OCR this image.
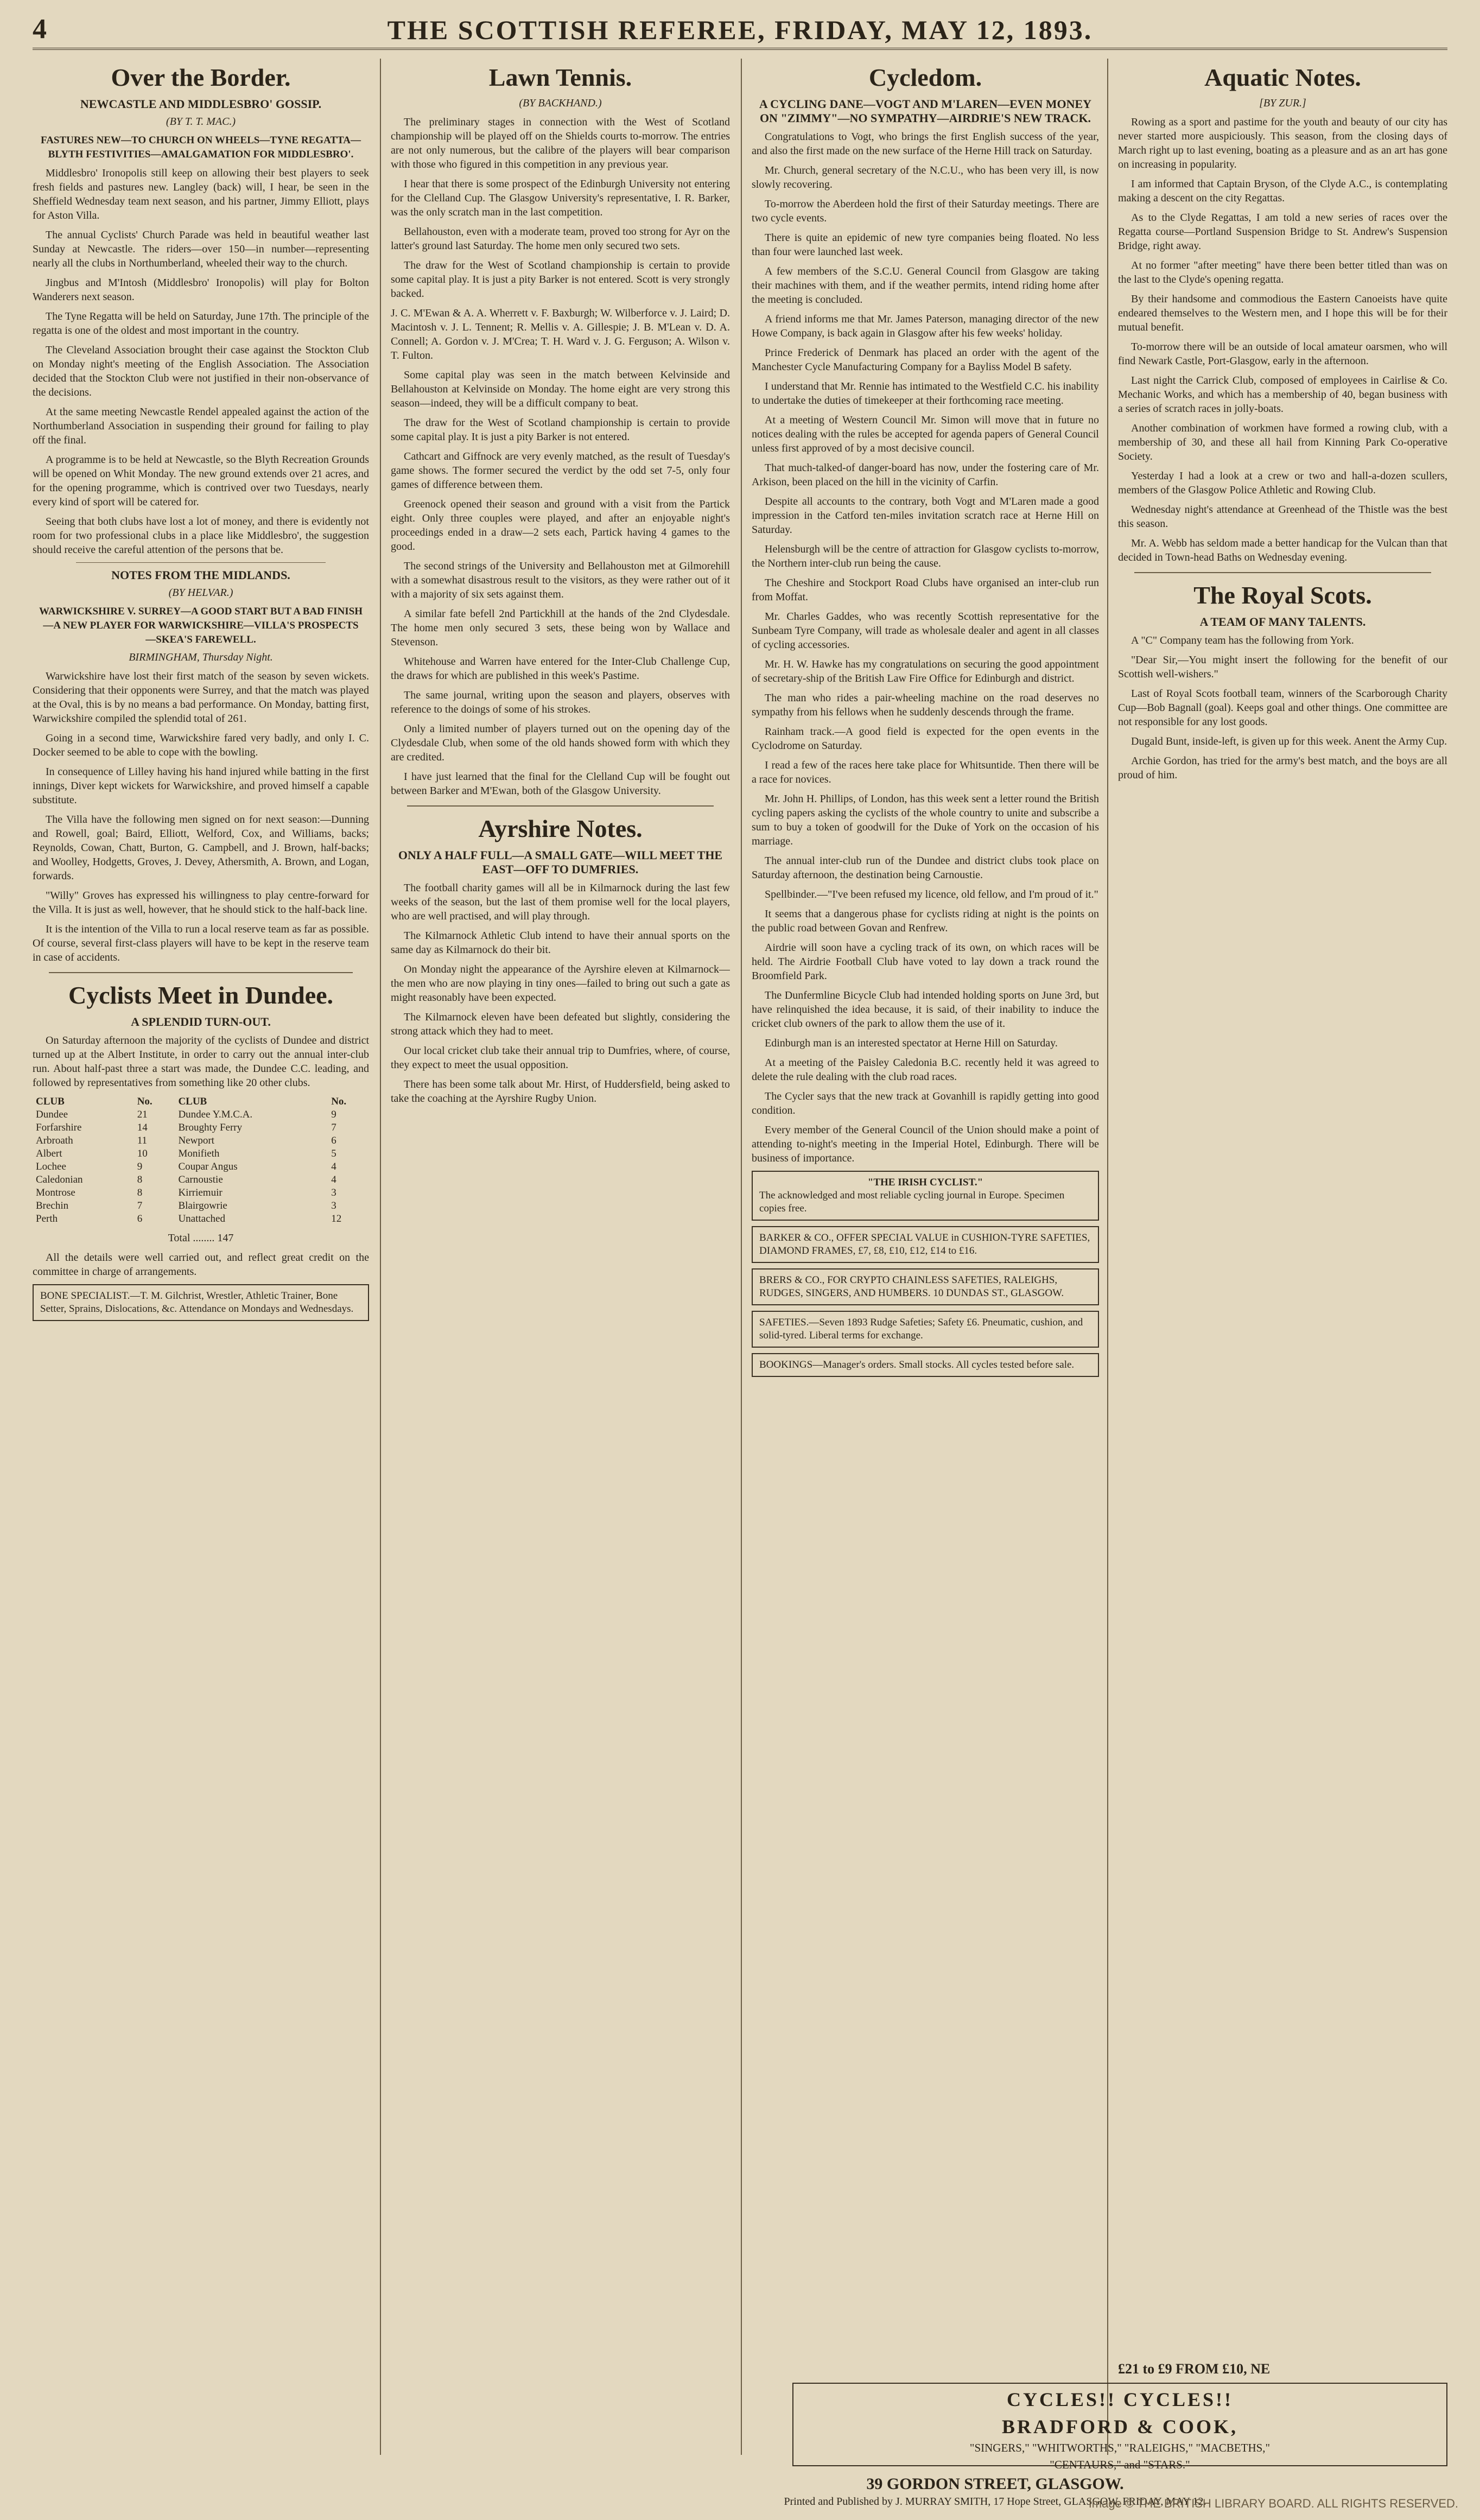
4	THE SCOTTISH REFEREE, FRIDAY, MAY 12, 1893.
Over the Border.
NEWCASTLE AND MIDDLESBRO' GOSSIP.
(BY T. T. MAC.)
FASTURES NEW—TO CHURCH ON WHEELS—TYNE REGATTA—BLYTH FESTIVITIES—AMALGAMATION FOR MIDDLESBRO'.

Middlesbro' Ironopolis still keep on allowing their best players to seek fresh fields and pastures new. Langley (back) will, I hear, be seen in the Sheffield Wednesday team next season, and his partner, Jimmy Elliott, plays for Aston Villa.

The annual Cyclists' Church Parade was held in beautiful weather last Sunday at Newcastle. The riders—over 150—in number—representing nearly all the clubs in Northumberland, wheeled their way to the church.

Jingbus and M'Intosh (Middlesbro' Ironopolis) will play for Bolton Wanderers next season.

The Tyne Regatta will be held on Saturday, June 17th. The principle of the regatta is one of the oldest and most important in the country.

The Cleveland Association brought their case against the Stockton Club on Monday night's meeting of the English Association. The Association decided that the Stockton Club were not justified in their non-observance of the decisions.

At the same meeting Newcastle Rendel appealed against the action of the Northumberland Association in suspending their ground for failing to play off the final.

A programme is to be held at Newcastle, so the Blyth Recreation Grounds will be opened on Whit Monday. The new ground extends over 21 acres, and for the opening programme, which is contrived over two Tuesdays, nearly every kind of sport will be catered for.

Seeing that both clubs have lost a lot of money, and there is evidently not room for two professional clubs in a place like Middlesbro', the suggestion should receive the careful attention of the persons that be.

NOTES FROM THE MIDLANDS.
(BY HELVAR.)
WARWICKSHIRE V. SURREY—A GOOD START BUT A BAD FINISH—A NEW PLAYER FOR WARWICKSHIRE—VILLA'S PROSPECTS—SKEA'S FAREWELL.
BIRMINGHAM, Thursday Night.

Warwickshire have lost their first match of the season by seven wickets. Considering that their opponents were Surrey, and that the match was played at the Oval, this is by no means a bad performance. On Monday, batting first, Warwickshire compiled the splendid total of 261.

Going in a second time, Warwickshire fared very badly, and only I. C. Docker seemed to be able to cope with the bowling.

In consequence of Lilley having his hand injured while batting in the first innings, Diver kept wickets for Warwickshire, and proved himself a capable substitute.

The Villa have the following men signed on for next season:—Dunning and Rowell, goal; Baird, Elliott, Welford, Cox, and Williams, backs; Reynolds, Cowan, Chatt, Burton, G. Campbell, and J. Brown, half-backs; and Woolley, Hodgetts, Groves, J. Devey, Athersmith, A. Brown, and Logan, forwards.

"Willy" Groves has expressed his willingness to play centre-forward for the Villa. It is just as well, however, that he should stick to the half-back line.

It is the intention of the Villa to run a local reserve team as far as possible. Of course, several first-class players will have to be kept in the reserve team in case of accidents.

Cyclists Meet in Dundee.
A SPLENDID TURN-OUT.

On Saturday afternoon the majority of the cyclists of Dundee and district turned up at the Albert Institute, in order to carry out the annual inter-club run. About half-past three a start was made, the Dundee C.C. leading, and followed by representatives from something like 20 other clubs.

CLUB	No.	CLUB	No.
Dundee	21	Dundee Y.M.C.A.	9
Forfarshire	14	Broughty Ferry	7
Arbroath	11	Newport	6
Albert	10	Monifieth	5
Lochee	9	Coupar Angus	4
Caledonian	8	Carnoustie	4
Montrose	8	Kirriemuir	3
Brechin	7	Blairgowrie	3
Perth	6	Unattached	12

Total ........ 147

All the details were well carried out, and reflect great credit on the committee in charge of arrangements.

BONE SPECIALIST.—T. M. Gilchrist, Wrestler, Athletic Trainer, Bone Setter, Sprains, Dislocations, &c. Attendance on Mondays and Wednesdays.
Lawn Tennis.
(BY BACKHAND.)

The preliminary stages in connection with the West of Scotland championship will be played off on the Shields courts to-morrow. The entries are not only numerous, but the calibre of the players will bear comparison with those who figured in this competition in any previous year.

I hear that there is some prospect of the Edinburgh University not entering for the Clelland Cup. The Glasgow University's representative, I. R. Barker, was the only scratch man in the last competition.

Bellahouston, even with a moderate team, proved too strong for Ayr on the latter's ground last Saturday. The home men only secured two sets.

The draw for the West of Scotland championship is certain to provide some capital play. It is just a pity Barker is not entered. Scott is very strongly backed.

J. C. M'Ewan & A. A. Wherrett v. F. Baxburgh; W. Wilberforce v. J. Laird; D. Macintosh v. J. L. Tennent; R. Mellis v. A. Gillespie; J. B. M'Lean v. D. A. Connell; A. Gordon v. J. M'Crea; T. H. Ward v. J. G. Ferguson; A. Wilson v. T. Fulton.

Some capital play was seen in the match between Kelvinside and Bellahouston at Kelvinside on Monday. The home eight are very strong this season—indeed, they will be a difficult company to beat.

The draw for the West of Scotland championship is certain to provide some capital play. It is just a pity Barker is not entered.

Cathcart and Giffnock are very evenly matched, as the result of Tuesday's game shows. The former secured the verdict by the odd set 7-5, only four games of difference between them.

Greenock opened their season and ground with a visit from the Partick eight. Only three couples were played, and after an enjoyable night's proceedings ended in a draw—2 sets each, Partick having 4 games to the good.

The second strings of the University and Bellahouston met at Gilmorehill with a somewhat disastrous result to the visitors, as they were rather out of it with a majority of six sets against them.

A similar fate befell 2nd Partickhill at the hands of the 2nd Clydesdale. The home men only secured 3 sets, these being won by Wallace and Stevenson.

Whitehouse and Warren have entered for the Inter-Club Challenge Cup, the draws for which are published in this week's Pastime.

The same journal, writing upon the season and players, observes with reference to the doings of some of his strokes.

Only a limited number of players turned out on the opening day of the Clydesdale Club, when some of the old hands showed form with which they are credited.

I have just learned that the final for the Clelland Cup will be fought out between Barker and M'Ewan, both of the Glasgow University.

Ayrshire Notes.
ONLY A HALF FULL—A SMALL GATE—WILL MEET THE EAST—OFF TO DUMFRIES.

The football charity games will all be in Kilmarnock during the last few weeks of the season, but the last of them promise well for the local players, who are well practised, and will play through.

The Kilmarnock Athletic Club intend to have their annual sports on the same day as Kilmarnock do their bit.

On Monday night the appearance of the Ayrshire eleven at Kilmarnock—the men who are now playing in tiny ones—failed to bring out such a gate as might reasonably have been expected.

The Kilmarnock eleven have been defeated but slightly, considering the strong attack which they had to meet.

Our local cricket club take their annual trip to Dumfries, where, of course, they expect to meet the usual opposition.

There has been some talk about Mr. Hirst, of Huddersfield, being asked to take the coaching at the Ayrshire Rugby Union.

Cycledom.
A CYCLING DANE—VOGT AND M'LAREN—EVEN MONEY ON "ZIMMY"—NO SYMPATHY—AIRDRIE'S NEW TRACK.

Congratulations to Vogt, who brings the first English success of the year, and also the first made on the new surface of the Herne Hill track on Saturday.

Mr. Church, general secretary of the N.C.U., who has been very ill, is now slowly recovering.

To-morrow the Aberdeen hold the first of their Saturday meetings. There are two cycle events.

There is quite an epidemic of new tyre companies being floated. No less than four were launched last week.

A few members of the S.C.U. General Council from Glasgow are taking their machines with them, and if the weather permits, intend riding home after the meeting is concluded.

A friend informs me that Mr. James Paterson, managing director of the new Howe Company, is back again in Glasgow after his few weeks' holiday.

Prince Frederick of Denmark has placed an order with the agent of the Manchester Cycle Manufacturing Company for a Bayliss Model B safety.

I understand that Mr. Rennie has intimated to the Westfield C.C. his inability to undertake the duties of timekeeper at their forthcoming race meeting.

At a meeting of Western Council Mr. Simon will move that in future no notices dealing with the rules be accepted for agenda papers of General Council unless first approved of by a most decisive council.

That much-talked-of danger-board has now, under the fostering care of Mr. Arkison, been placed on the hill in the vicinity of Carfin.

Despite all accounts to the contrary, both Vogt and M'Laren made a good impression in the Catford ten-miles invitation scratch race at Herne Hill on Saturday.

Helensburgh will be the centre of attraction for Glasgow cyclists to-morrow, the Northern inter-club run being the cause.

The Cheshire and Stockport Road Clubs have organised an inter-club run from Moffat.

Mr. Charles Gaddes, who was recently Scottish representative for the Sunbeam Tyre Company, will trade as wholesale dealer and agent in all classes of cycling accessories.

Mr. H. W. Hawke has my congratulations on securing the good appointment of secretary-ship of the British Law Fire Office for Edinburgh and district.

The man who rides a pair-wheeling machine on the road deserves no sympathy from his fellows when he suddenly descends through the frame.

Rainham track.—A good field is expected for the open events in the Cyclodrome on Saturday.

I read a few of the races here take place for Whitsuntide. Then there will be a race for novices.

Mr. John H. Phillips, of London, has this week sent a letter round the British cycling papers asking the cyclists of the whole country to unite and subscribe a sum to buy a token of goodwill for the Duke of York on the occasion of his marriage.

The annual inter-club run of the Dundee and district clubs took place on Saturday afternoon, the destination being Carnoustie.

Spellbinder.—"I've been refused my licence, old fellow, and I'm proud of it."

It seems that a dangerous phase for cyclists riding at night is the points on the public road between Govan and Renfrew.

Airdrie will soon have a cycling track of its own, on which races will be held. The Airdrie Football Club have voted to lay down a track round the Broomfield Park.

The Dunfermline Bicycle Club had intended holding sports on June 3rd, but have relinquished the idea because, it is said, of their inability to induce the cricket club owners of the park to allow them the use of it.

Edinburgh man is an interested spectator at Herne Hill on Saturday.

At a meeting of the Paisley Caledonia B.C. recently held it was agreed to delete the rule dealing with the club road races.

The Cycler says that the new track at Govanhill is rapidly getting into good condition.

Every member of the General Council of the Union should make a point of attending to-night's meeting in the Imperial Hotel, Edinburgh. There will be business of importance.

"THE IRISH CYCLIST."
The acknowledged and most reliable cycling journal in Europe. Specimen copies free.
BARKER & CO., OFFER SPECIAL VALUE in CUSHION-TYRE SAFETIES, DIAMOND FRAMES, £7, £8, £10, £12, £14 to £16.
BRERS & CO., FOR CRYPTO CHAINLESS SAFETIES, RALEIGHS, RUDGES, SINGERS, AND HUMBERS. 10 DUNDAS ST., GLASGOW.
SAFETIES.—Seven 1893 Rudge Safeties; Safety £6. Pneumatic, cushion, and solid-tyred. Liberal terms for exchange.
BOOKINGS—Manager's orders. Small stocks. All cycles tested before sale.
Aquatic Notes.
[BY ZUR.]

Rowing as a sport and pastime for the youth and beauty of our city has never started more auspiciously. This season, from the closing days of March right up to last evening, boating as a pleasure and as an art has gone on increasing in popularity.

I am informed that Captain Bryson, of the Clyde A.C., is contemplating making a descent on the city Regattas.

As to the Clyde Regattas, I am told a new series of races over the Regatta course—Portland Suspension Bridge to St. Andrew's Suspension Bridge, right away.

At no former "after meeting" have there been better titled than was on the last to the Clyde's opening regatta.

By their handsome and commodious the Eastern Canoeists have quite endeared themselves to the Western men, and I hope this will be for their mutual benefit.

To-morrow there will be an outside of local amateur oarsmen, who will find Newark Castle, Port-Glasgow, early in the afternoon.

Last night the Carrick Club, composed of employees in Cairlise & Co. Mechanic Works, and which has a membership of 40, began business with a series of scratch races in jolly-boats.

Another combination of workmen have formed a rowing club, with a membership of 30, and these all hail from Kinning Park Co-operative Society.

Yesterday I had a look at a crew or two and hall-a-dozen scullers, members of the Glasgow Police Athletic and Rowing Club.

Wednesday night's attendance at Greenhead of the Thistle was the best this season.

Mr. A. Webb has seldom made a better handicap for the Vulcan than that decided in Town-head Baths on Wednesday evening.

The Royal Scots.
A TEAM OF MANY TALENTS.

A "C" Company team has the following from York.

"Dear Sir,—You might insert the following for the benefit of our Scottish well-wishers."

Last of Royal Scots football team, winners of the Scarborough Charity Cup—Bob Bagnall (goal). Keeps goal and other things. One committee are not responsible for any lost goods.

Dugald Bunt, inside-left, is given up for this week. Anent the Army Cup.

Archie Gordon, has tried for the army's best match, and the boys are all proud of him.

CYCLES!! CYCLES!!
BRADFORD & COOK,
"SINGERS," "WHITWORTHS," "RALEIGHS," "MACBETHS,"
"CENTAURS," and "STARS."
39 GORDON STREET, GLASGOW.
Printed and Published by J. MURRAY SMITH, 17 Hope Street, GLASGOW, FRIDAY, MAY 12.
£21 to £9 FROM £10, NE
Image © THE BRITISH LIBRARY BOARD. ALL RIGHTS RESERVED.
